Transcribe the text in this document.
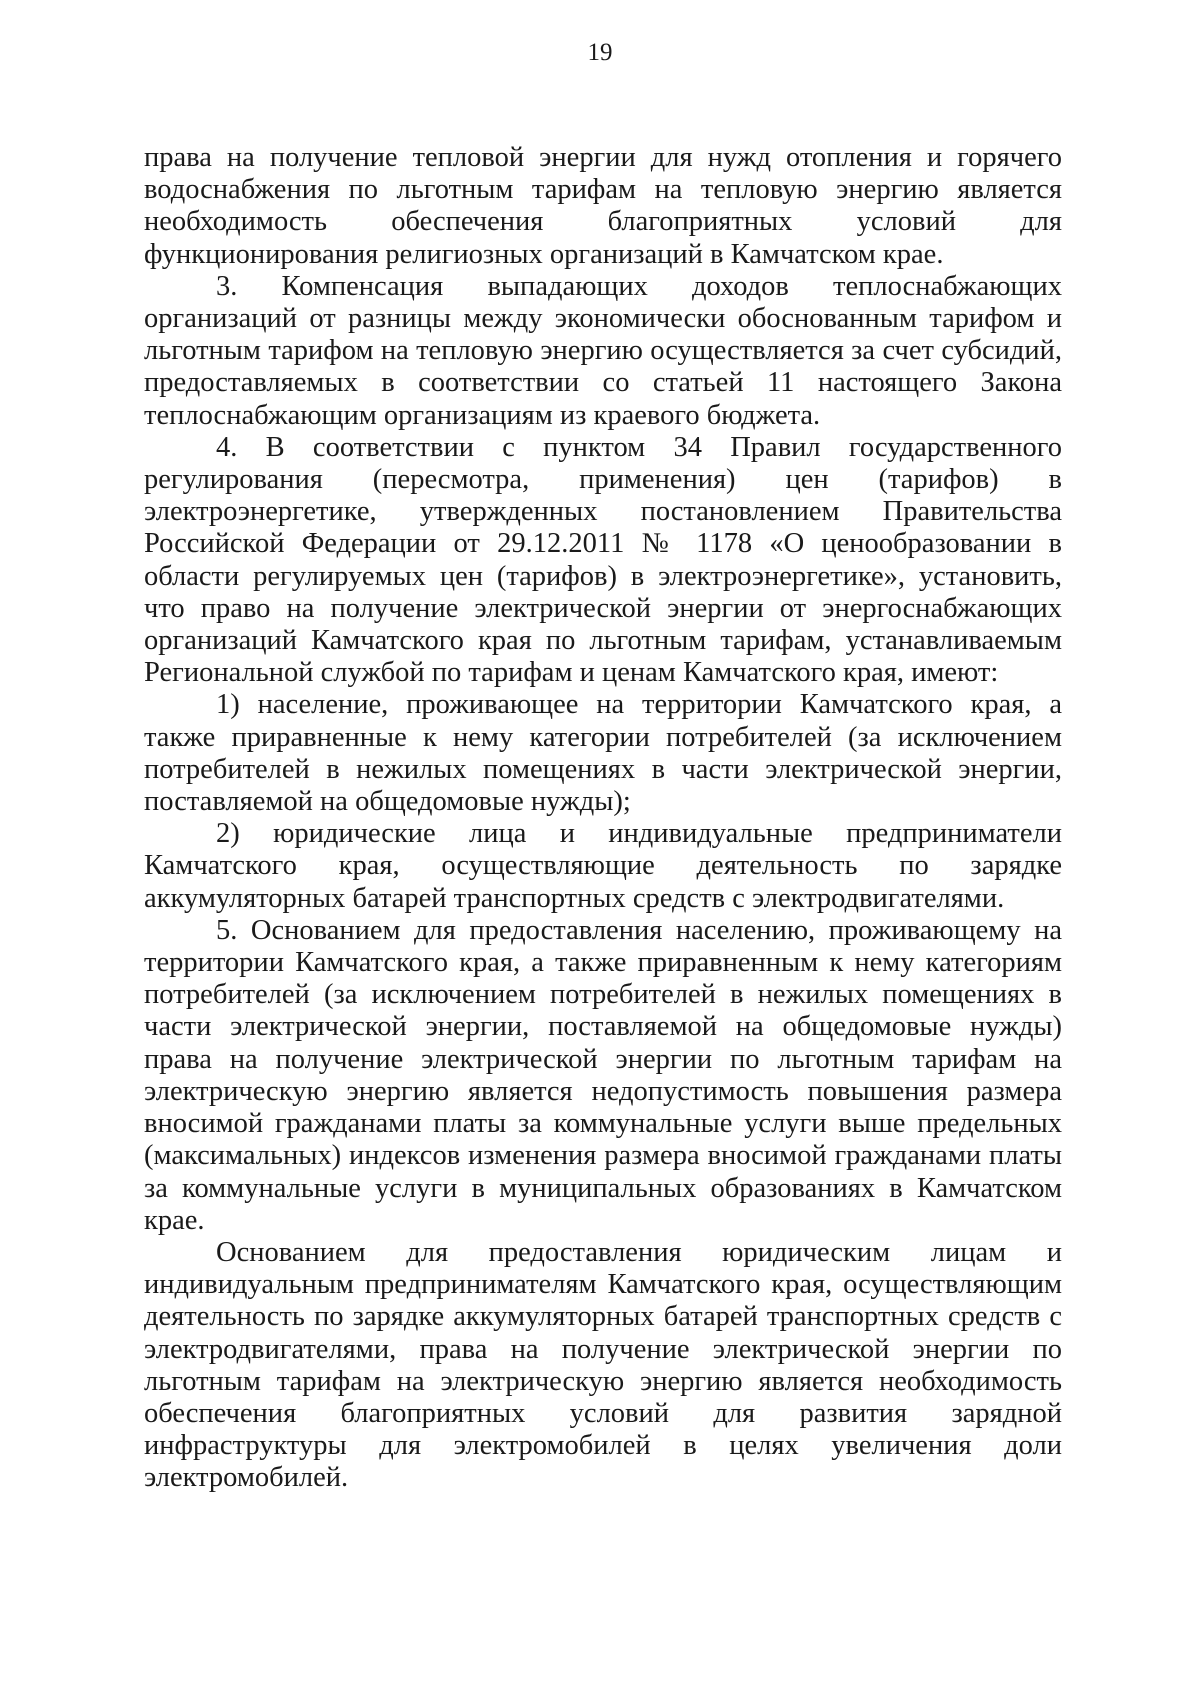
19

права на получение тепловой энергии для нужд отопления и горячего водоснабжения по льготным тарифам на тепловую энергию является необходимость обеспечения благоприятных условий для функционирования религиозных организаций в Камчатском крае.

3. Компенсация выпадающих доходов теплоснабжающих организаций от разницы между экономически обоснованным тарифом и льготным тарифом на тепловую энергию осуществляется за счет субсидий, предоставляемых в соответствии со статьей 11 настоящего Закона теплоснабжающим организациям из краевого бюджета.

4. В соответствии с пунктом 34 Правил государственного регулирования (пересмотра, применения) цен (тарифов) в электроэнергетике, утвержденных постановлением Правительства Российской Федерации от 29.12.2011 № 1178 «О ценообразовании в области регулируемых цен (тарифов) в электроэнергетике», установить, что право на получение электрической энергии от энергоснабжающих организаций Камчатского края по льготным тарифам, устанавливаемым Региональной службой по тарифам и ценам Камчатского края, имеют:

1) население, проживающее на территории Камчатского края, а также приравненные к нему категории потребителей (за исключением потребителей в нежилых помещениях в части электрической энергии, поставляемой на общедомовые нужды);

2) юридические лица и индивидуальные предприниматели Камчатского края, осуществляющие деятельность по зарядке аккумуляторных батарей транспортных средств с электродвигателями.

5. Основанием для предоставления населению, проживающему на территории Камчатского края, а также приравненным к нему категориям потребителей (за исключением потребителей в нежилых помещениях в части электрической энергии, поставляемой на общедомовые нужды) права на получение электрической энергии по льготным тарифам на электрическую энергию является недопустимость повышения размера вносимой гражданами платы за коммунальные услуги выше предельных (максимальных) индексов изменения размера вносимой гражданами платы за коммунальные услуги в муниципальных образованиях в Камчатском крае.

Основанием для предоставления юридическим лицам и индивидуальным предпринимателям Камчатского края, осуществляющим деятельность по зарядке аккумуляторных батарей транспортных средств с электродвигателями, права на получение электрической энергии по льготным тарифам на электрическую энергию является необходимость обеспечения благоприятных условий для развития зарядной инфраструктуры для электромобилей в целях увеличения доли электромобилей.
